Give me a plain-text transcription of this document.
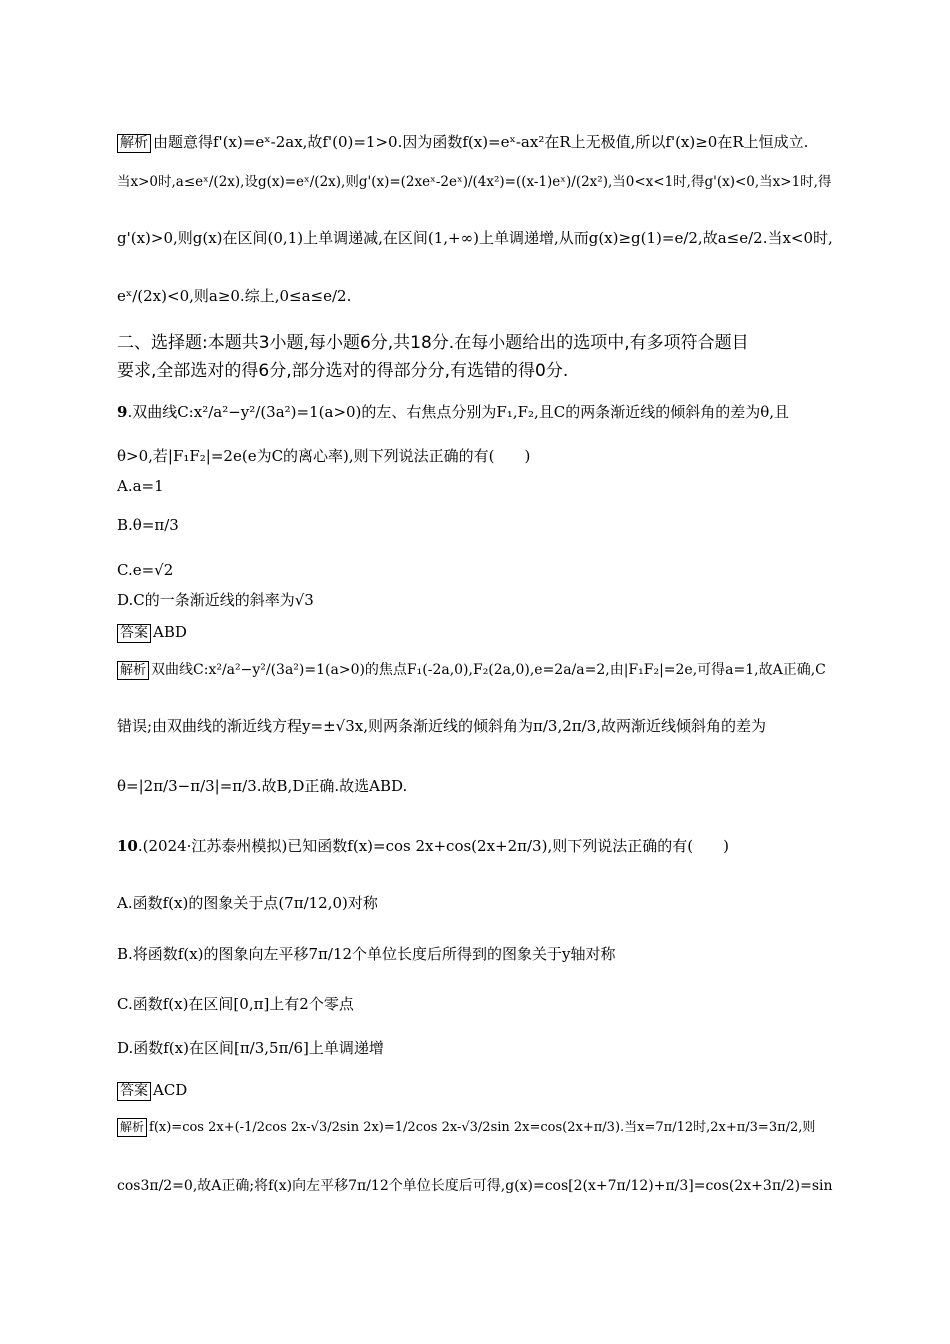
解析 由题意得f'(x)=eˣ-2ax,故f'(0)=1>0.因为函数f(x)=eˣ-ax²在R上无极值,所以f'(x)≥0在R上恒成立.
当x>0时,a≤eˣ/(2x),设g(x)=eˣ/(2x),则g'(x)=(2xeˣ-2eˣ)/(4x²)=((x-1)eˣ)/(2x²),当0<x<1时,得g'(x)<0,当x>1时,得
g'(x)>0,则g(x)在区间(0,1)上单调递减,在区间(1,+∞)上单调递增,从而g(x)≥g(1)=e/2,故a≤e/2.当x<0时,
eˣ/(2x)<0,则a≥0.综上,0≤a≤e/2.
二、选择题:本题共3小题,每小题6分,共18分.在每小题给出的选项中,有多项符合题目
要求,全部选对的得6分,部分选对的得部分分,有选错的得0分.
9.双曲线C:x²/a²−y²/(3a²)=1(a>0)的左、右焦点分别为F₁,F₂,且C的两条渐近线的倾斜角的差为θ,且
θ>0,若|F₁F₂|=2e(e为C的离心率),则下列说法正确的有(　　)
A.a=1
B.θ=π/3
C.e=√2
D.C的一条渐近线的斜率为√3
答案 ABD
解析 双曲线C:x²/a²−y²/(3a²)=1(a>0)的焦点F₁(-2a,0),F₂(2a,0),e=2a/a=2,由|F₁F₂|=2e,可得a=1,故A正确,C
错误;由双曲线的渐近线方程y=±√3x,则两条渐近线的倾斜角为π/3,2π/3,故两渐近线倾斜角的差为
θ=|2π/3−π/3|=π/3.故B,D正确.故选ABD.
10.(2024·江苏泰州模拟)已知函数f(x)=cos 2x+cos(2x+2π/3),则下列说法正确的有(　　)
A.函数f(x)的图象关于点(7π/12,0)对称
B.将函数f(x)的图象向左平移7π/12个单位长度后所得到的图象关于y轴对称
C.函数f(x)在区间[0,π]上有2个零点
D.函数f(x)在区间[π/3,5π/6]上单调递增
答案 ACD
解析 f(x)=cos 2x+(-1/2cos 2x-√3/2sin 2x)=1/2cos 2x-√3/2sin 2x=cos(2x+π/3).当x=7π/12时,2x+π/3=3π/2,则
cos3π/2=0,故A正确;将f(x)向左平移7π/12个单位长度后可得,g(x)=cos[2(x+7π/12)+π/3]=cos(2x+3π/2)=sin
